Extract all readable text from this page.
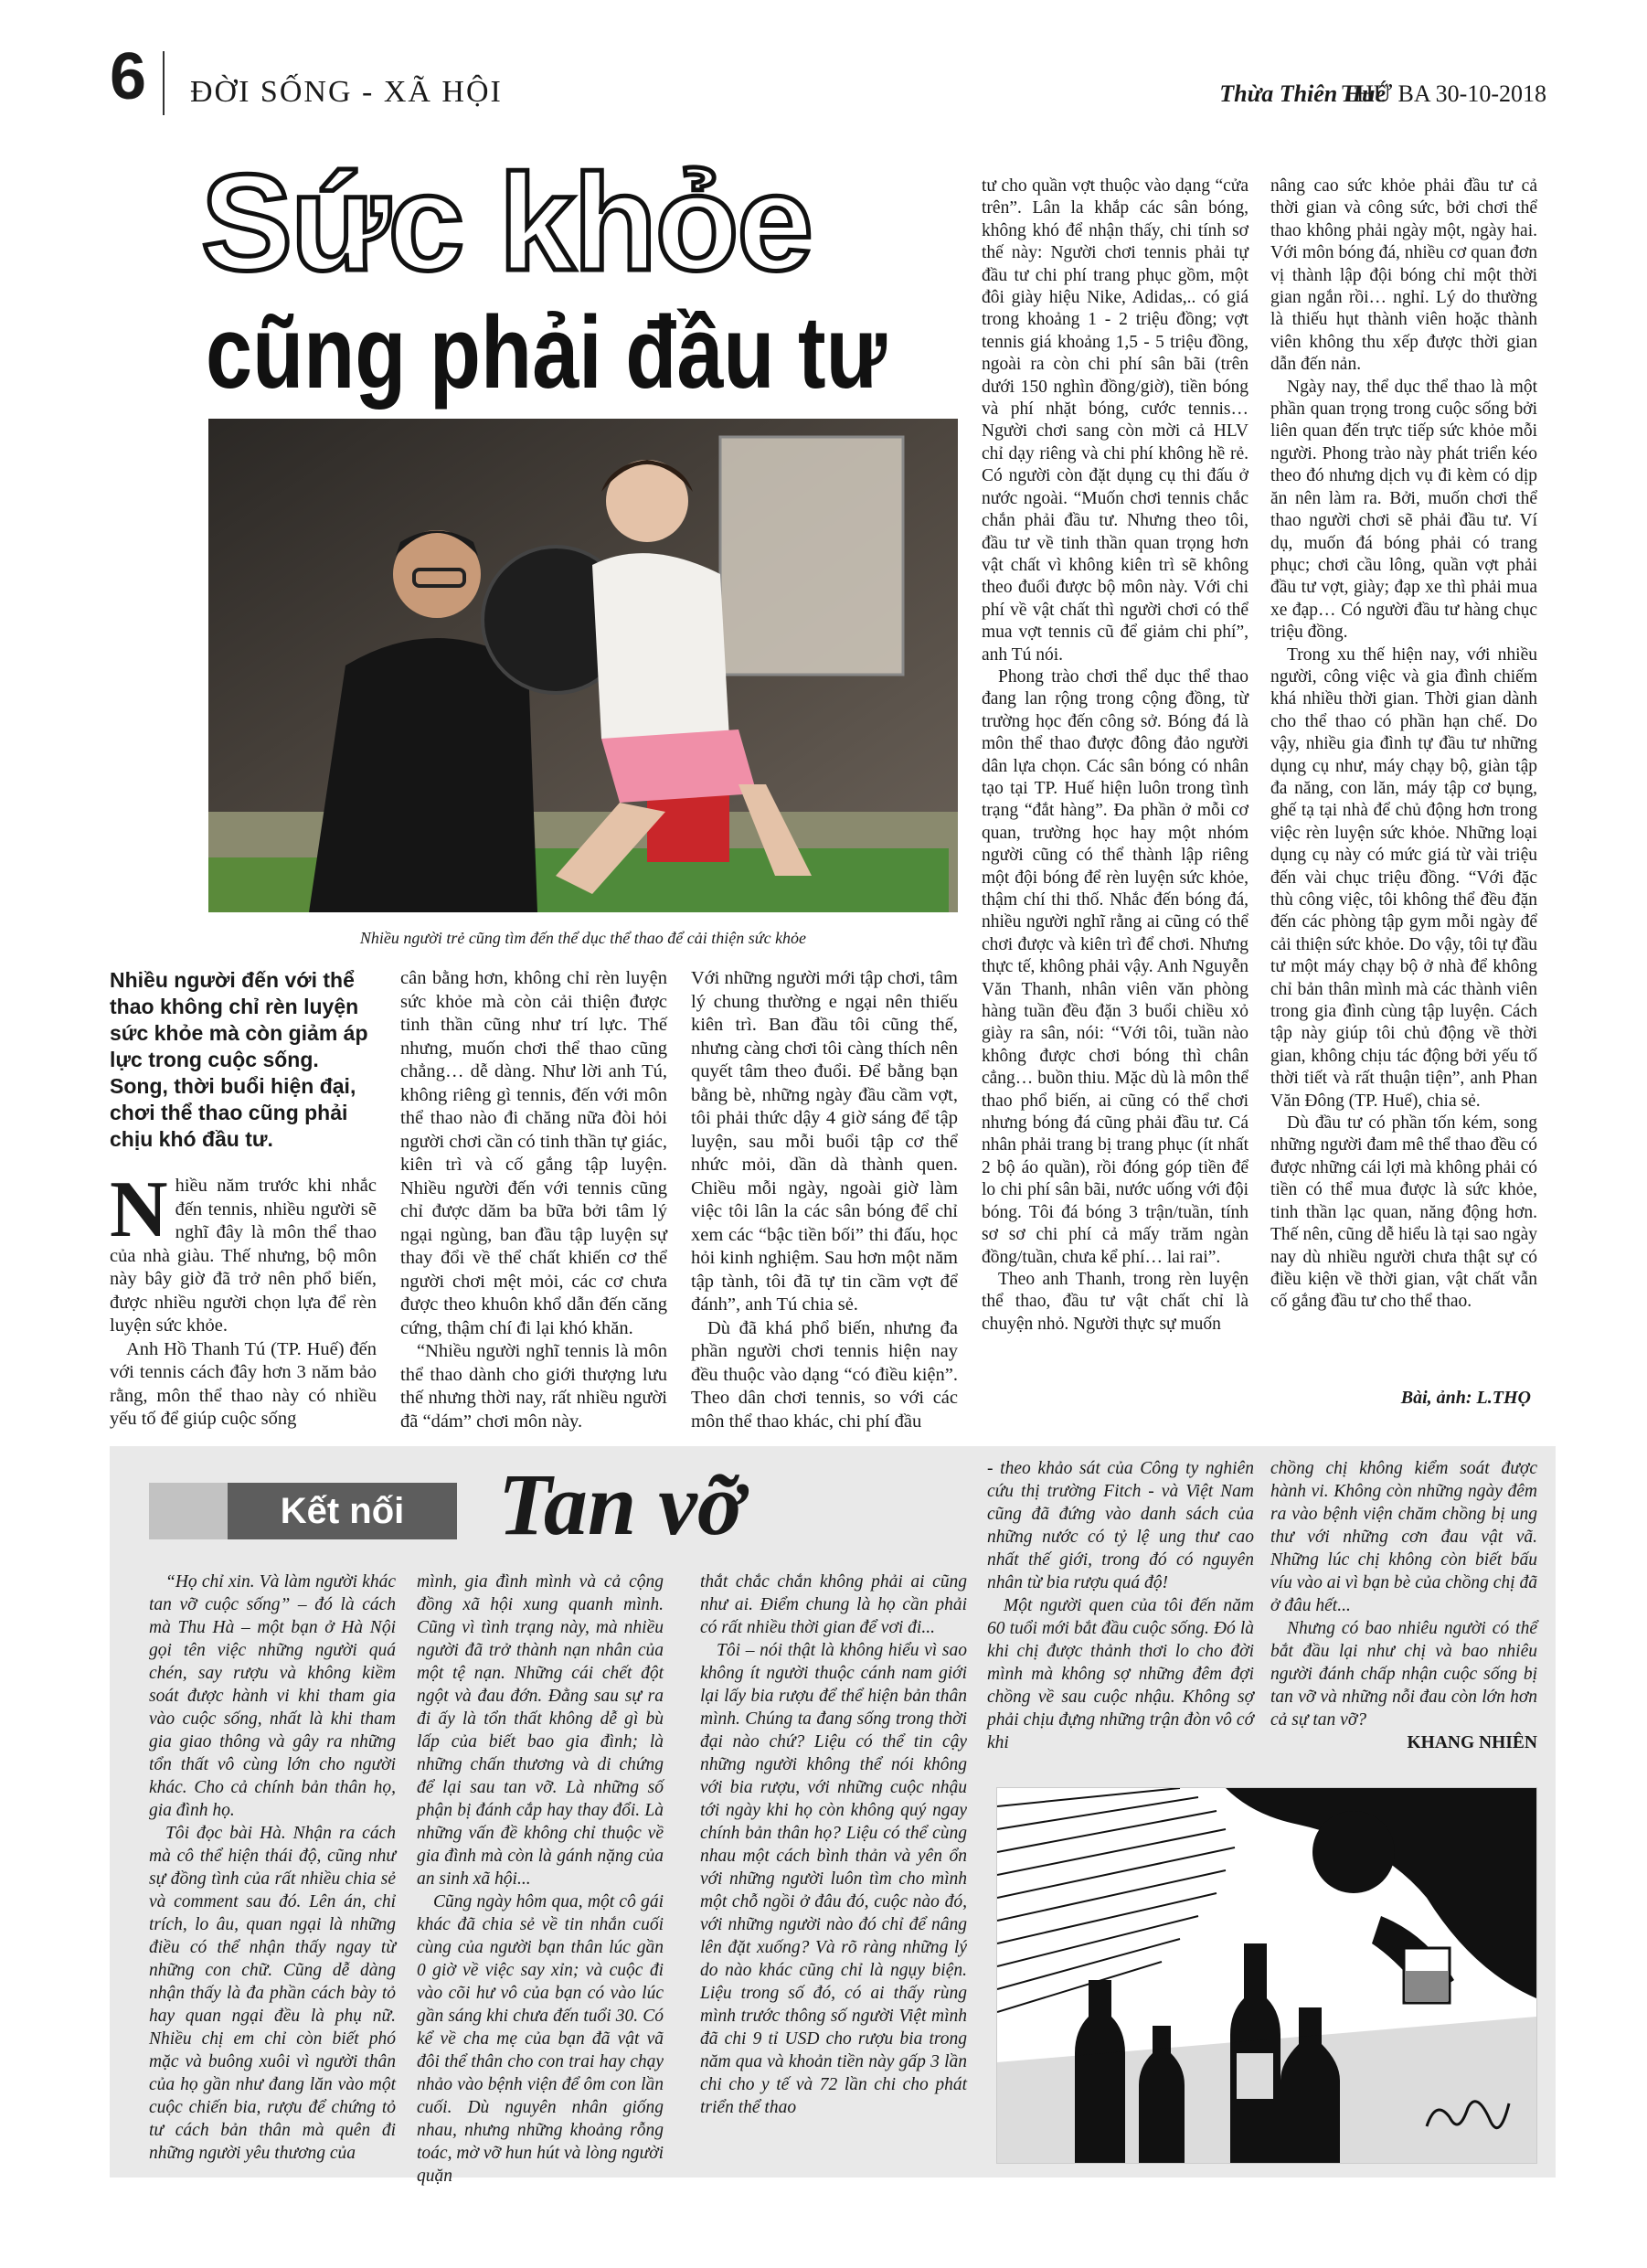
6 ĐỜI SỐNG - XÃ HỘI	Thừa Thiên Huế
THỨ BA 30-10-2018
Sức khỏe
cũng phải đầu tư
Nhiều người trẻ cũng tìm đến thể dục thể thao để cải thiện sức khỏe
Nhiều người đến với thể thao không chỉ rèn luyện sức khỏe mà còn giảm áp lực trong cuộc sống. Song, thời buổi hiện đại, chơi thể thao cũng phải chịu khó đầu tư.

Nhiều năm trước khi nhắc đến tennis, nhiều người sẽ nghĩ đây là môn thể thao của nhà giàu. Thế nhưng, bộ môn này bây giờ đã trở nên phổ biến, được nhiều người chọn lựa để rèn luyện sức khỏe.

Anh Hồ Thanh Tú (TP. Huế) đến với tennis cách đây hơn 3 năm bảo rằng, môn thể thao này có nhiều yếu tố để giúp cuộc sống

cân bằng hơn, không chỉ rèn luyện sức khỏe mà còn cải thiện được tinh thần cũng như trí lực. Thế nhưng, muốn chơi thể thao cũng chẳng… dễ dàng. Như lời anh Tú, không riêng gì tennis, đến với môn thể thao nào đi chăng nữa đòi hỏi người chơi cần có tinh thần tự giác, kiên trì và cố gắng tập luyện. Nhiều người đến với tennis cũng chỉ được dăm ba bữa bởi tâm lý ngại ngùng, ban đầu tập luyện sự thay đổi về thể chất khiến cơ thể người chơi mệt mỏi, các cơ chưa được theo khuôn khổ dẫn đến căng cứng, thậm chí đi lại khó khăn.

“Nhiều người nghĩ tennis là môn thể thao dành cho giới thượng lưu thế nhưng thời nay, rất nhiều người đã “dám” chơi môn này.

Với những người mới tập chơi, tâm lý chung thường e ngại nên thiếu kiên trì. Ban đầu tôi cũng thế, nhưng càng chơi tôi càng thích nên quyết tâm theo đuổi. Để bằng bạn bằng bè, những ngày đầu cầm vợt, tôi phải thức dậy 4 giờ sáng để tập luyện, sau mỗi buổi tập cơ thể nhức mỏi, dần dà thành quen. Chiều mỗi ngày, ngoài giờ làm việc tôi lân la các sân bóng để chỉ xem các “bậc tiền bối” thi đấu, học hỏi kinh nghiệm. Sau hơn một năm tập tành, tôi đã tự tin cầm vợt để đánh”, anh Tú chia sẻ.

Dù đã khá phổ biến, nhưng đa phần người chơi tennis hiện nay đều thuộc vào dạng “có điều kiện”. Theo dân chơi tennis, so với các môn thể thao khác, chi phí đầu

tư cho quần vợt thuộc vào dạng “cửa trên”. Lân la khắp các sân bóng, không khó để nhận thấy, chi tính sơ thế này: Người chơi tennis phải tự đầu tư chi phí trang phục gồm, một đôi giày hiệu Nike, Adidas,.. có giá trong khoảng 1 - 2 triệu đồng; vợt tennis giá khoảng 1,5 - 5 triệu đồng, ngoài ra còn chi phí sân bãi (trên dưới 150 nghìn đồng/giờ), tiền bóng và phí nhặt bóng, cước tennis… Người chơi sang còn mời cả HLV chỉ dạy riêng và chi phí không hề rẻ. Có người còn đặt dụng cụ thi đấu ở nước ngoài. “Muốn chơi tennis chắc chắn phải đầu tư. Nhưng theo tôi, đầu tư về tinh thần quan trọng hơn vật chất vì không kiên trì sẽ không theo đuổi được bộ môn này. Với chi phí về vật chất thì người chơi có thể mua vợt tennis cũ để giảm chi phí”, anh Tú nói.

Phong trào chơi thể dục thể thao đang lan rộng trong cộng đồng, từ trường học đến công sở. Bóng đá là môn thể thao được đông đảo người dân lựa chọn. Các sân bóng có nhân tạo tại TP. Huế hiện luôn trong tình trạng “đắt hàng”. Đa phần ở mỗi cơ quan, trường học hay một nhóm người cũng có thể thành lập riêng một đội bóng để rèn luyện sức khỏe, thậm chí thi thố. Nhắc đến bóng đá, nhiều người nghĩ rằng ai cũng có thể chơi được và kiên trì để chơi. Nhưng thực tế, không phải vậy. Anh Nguyễn Văn Thanh, nhân viên văn phòng hàng tuần đều đặn 3 buổi chiều xỏ giày ra sân, nói: “Với tôi, tuần nào không được chơi bóng thì chân cẳng… buồn thiu. Mặc dù là môn thể thao phổ biến, ai cũng có thể chơi nhưng bóng đá cũng phải đầu tư. Cá nhân phải trang bị trang phục (ít nhất 2 bộ áo quần), rồi đóng góp tiền để lo chi phí sân bãi, nước uống với đội bóng. Tôi đá bóng 3 trận/tuần, tính sơ sơ chi phí cả mấy trăm ngàn đồng/tuần, chưa kể phí… lai rai”.

Theo anh Thanh, trong rèn luyện thể thao, đầu tư vật chất chỉ là chuyện nhỏ. Người thực sự muốn

nâng cao sức khỏe phải đầu tư cả thời gian và công sức, bởi chơi thể thao không phải ngày một, ngày hai. Với môn bóng đá, nhiều cơ quan đơn vị thành lập đội bóng chỉ một thời gian ngắn rồi… nghỉ. Lý do thường là thiếu hụt thành viên hoặc thành viên không thu xếp được thời gian dẫn đến nản.

Ngày nay, thể dục thể thao là một phần quan trọng trong cuộc sống bởi liên quan đến trực tiếp sức khỏe mỗi người. Phong trào này phát triển kéo theo đó nhưng dịch vụ đi kèm có dịp ăn nên làm ra. Bởi, muốn chơi thể thao người chơi sẽ phải đầu tư. Ví dụ, muốn đá bóng phải có trang phục; chơi cầu lông, quần vợt phải đầu tư vợt, giày; đạp xe thì phải mua xe đạp… Có người đầu tư hàng chục triệu đồng.

Trong xu thế hiện nay, với nhiều người, công việc và gia đình chiếm khá nhiều thời gian. Thời gian dành cho thể thao có phần hạn chế. Do vậy, nhiều gia đình tự đầu tư những dụng cụ như, máy chạy bộ, giàn tập đa năng, con lăn, máy tập cơ bụng, ghế tạ tại nhà để chủ động hơn trong việc rèn luyện sức khỏe. Những loại dụng cụ này có mức giá từ vài triệu đến vài chục triệu đồng. “Với đặc thù công việc, tôi không thể đều đặn đến các phòng tập gym mỗi ngày để cải thiện sức khỏe. Do vậy, tôi tự đầu tư một máy chạy bộ ở nhà để không chỉ bản thân mình mà các thành viên trong gia đình cùng tập luyện. Cách tập này giúp tôi chủ động về thời gian, không chịu tác động bởi yếu tố thời tiết và rất thuận tiện”, anh Phan Văn Đông (TP. Huế), chia sẻ.

Dù đầu tư có phần tốn kém, song những người đam mê thể thao đều có được những cái lợi mà không phải có tiền có thể mua được là sức khỏe, tinh thần lạc quan, năng động hơn. Thế nên, cũng dễ hiểu là tại sao ngày nay dù nhiều người chưa thật sự có điều kiện về thời gian, vật chất vẫn cố gắng đầu tư cho thể thao.

Bài, ảnh: L.THỌ
Kết nối	Tan vỡ

“Họ chỉ xin. Và làm người khác tan vỡ cuộc sống” – đó là cách mà Thu Hà – một bạn ở Hà Nội gọi tên việc những người quá chén, say rượu và không kiềm soát được hành vi khi tham gia vào cuộc sống, nhất là khi tham gia giao thông và gây ra những tổn thất vô cùng lớn cho người khác. Cho cả chính bản thân họ, gia đình họ.

Tôi đọc bài Hà. Nhận ra cách mà cô thể hiện thái độ, cũng như sự đồng tình của rất nhiều chia sẻ và comment sau đó. Lên án, chỉ trích, lo âu, quan ngại là những điều có thể nhận thấy ngay từ những con chữ. Cũng dễ dàng nhận thấy là đa phần cách bày tỏ hay quan ngại đều là phụ nữ. Nhiều chị em chỉ còn biết phó mặc và buông xuôi vì người thân của họ gần như đang lăn vào một cuộc chiến bia, rượu để chứng tỏ tư cách bản thân mà quên đi những người yêu thương của

mình, gia đình mình và cả cộng đồng xã hội xung quanh mình. Cũng vì tình trạng này, mà nhiều người đã trở thành nạn nhân của một tệ nạn. Những cái chết đột ngột và đau đớn. Đằng sau sự ra đi ấy là tổn thất không dễ gì bù lấp của biết bao gia đình; là những chấn thương và di chứng để lại sau tan vỡ. Là những số phận bị đánh cắp hay thay đổi. Là những vấn đề không chỉ thuộc về gia đình mà còn là gánh nặng của an sinh xã hội...

Cũng ngày hôm qua, một cô gái khác đã chia sẻ về tin nhắn cuối cùng của người bạn thân lúc gần 0 giờ về việc say xỉn; và cuộc đi vào cõi hư vô của bạn có vào lúc gần sáng khi chưa đến tuổi 30. Có kể về cha mẹ của bạn đã vật vã đôi thể thân cho con trai hay chạy nhảo vào bệnh viện để ôm con lần cuối. Dù nguyên nhân giống nhau, nhưng những khoảng rỗng toác, mờ vỡ hun hút và lòng người quặn

thắt chắc chắn không phải ai cũng như ai. Điểm chung là họ cần phải có rất nhiều thời gian để vơi đi...

Tôi – nói thật là không hiểu vì sao không ít người thuộc cánh nam giới lại lấy bia rượu để thể hiện bản thân mình. Chúng ta đang sống trong thời đại nào chứ? Liệu có thể tin cậy những người không thể nói không với bia rượu, với những cuộc nhậu tới ngày khi họ còn không quý ngay chính bản thân họ? Liệu có thể cùng nhau một cách bình thản và yên ổn với những người luôn tìm cho mình một chỗ ngồi ở đâu đó, cuộc nào đó, với những người nào đó chỉ để nâng lên đặt xuống? Và rõ ràng những lý do nào khác cũng chỉ là ngụy biện. Liệu trong số đó, có ai thấy rùng mình trước thông số người Việt mình đã chi 9 tỉ USD cho rượu bia trong năm qua và khoản tiền này gấp 3 lần chi cho y tế và 72 lần chi cho phát triển thể thao

- theo khảo sát của Công ty nghiên cứu thị trường Fitch - và Việt Nam cũng đã đứng vào danh sách của những nước có tỷ lệ ung thư cao nhất thế giới, trong đó có nguyên nhân từ bia rượu quá độ!

Một người quen của tôi đến năm 60 tuổi mới bắt đầu cuộc sống. Đó là khi chị được thảnh thơi lo cho đời mình mà không sợ những đêm đợi chồng về sau cuộc nhậu. Không sợ phải chịu đựng những trận đòn vô cớ khi

chồng chị không kiểm soát được hành vi. Không còn những ngày đêm ra vào bệnh viện chăm chồng bị ung thư với những cơn đau vật vã. Những lúc chị không còn biết bấu víu vào ai vì bạn bè của chồng chị đã ở đâu hết...

Nhưng có bao nhiêu người có thể bắt đầu lại như chị và bao nhiêu người đánh chấp nhận cuộc sống bị tan vỡ và những nỗi đau còn lớn hơn cả sự tan vỡ?

KHANG NHIÊN
